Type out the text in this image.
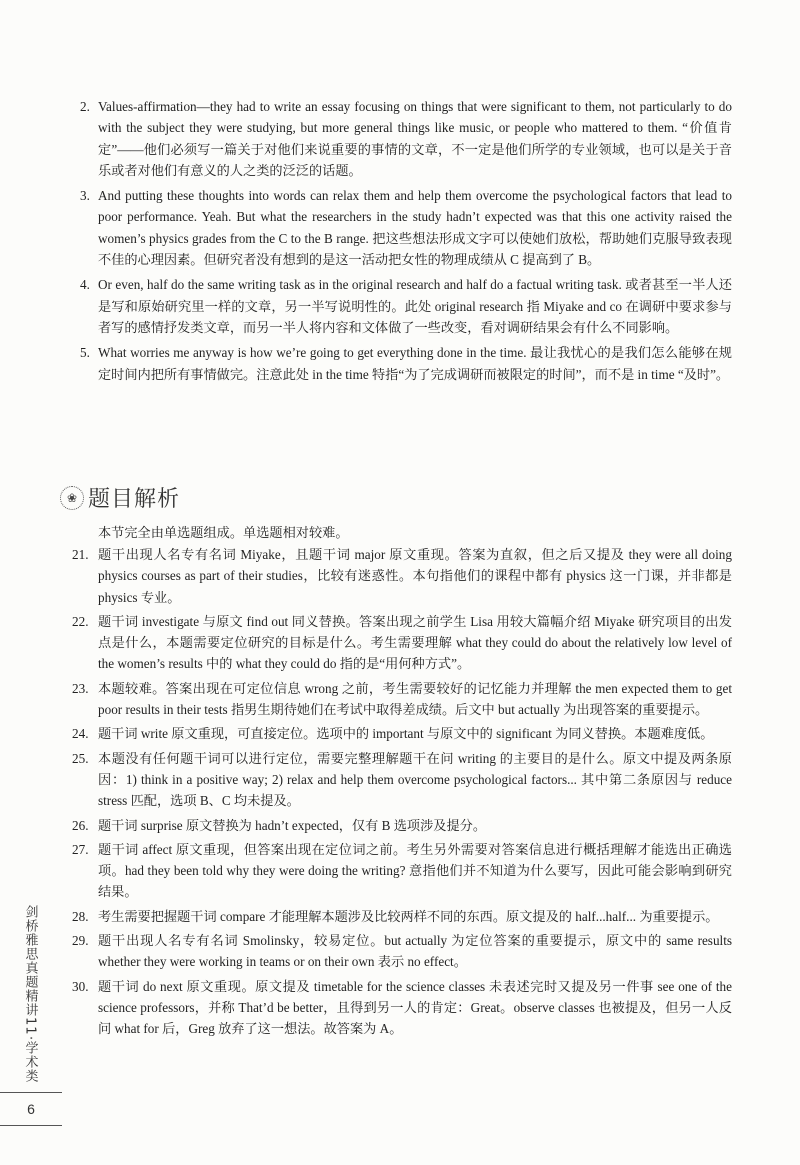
2. Values-affirmation—they had to write an essay focusing on things that were significant to them, not particularly to do with the subject they were studying, but more general things like music, or people who mattered to them. “价值肯定”——他们必须写一篇关于对他们来说重要的事情的文章，不一定是他们所学的专业领域，也可以是关于音乐或者对他们有意义的人之类的泛泛的话题。
3. And putting these thoughts into words can relax them and help them overcome the psychological factors that lead to poor performance. Yeah. But what the researchers in the study hadn’t expected was that this one activity raised the women’s physics grades from the C to the B range. 把这些想法形成文字可以使她们放松，帮助她们克服导致表现不佳的心理因素。但研究者没有想到的是这一活动把女性的物理成绩从 C 提高到了 B。
4. Or even, half do the same writing task as in the original research and half do a factual writing task. 或者甚至一半人还是写和原始研究里一样的文章，另一半写说明性的。此处 original research 指 Miyake and co 在调研中要求参与者写的感情抒发类文章，而另一半人将内容和文体做了一些改变，看对调研结果会有什么不同影响。
5. What worries me anyway is how we’re going to get everything done in the time. 最让我忧心的是我们怎么能够在规定时间内把所有事情做完。注意此处 in the time 特指“为了完成调研而被限定的时间”，而不是 in time “及时”。
❀ 题目解析
本节完全由单选题组成。单选题相对较难。
21. 题干出现人名专有名词 Miyake，且题干词 major 原文重现。答案为直叙，但之后又提及 they were all doing physics courses as part of their studies，比较有迷惑性。本句指他们的课程中都有 physics 这一门课，并非都是 physics 专业。
22. 题干词 investigate 与原文 find out 同义替换。答案出现之前学生 Lisa 用较大篇幅介绍 Miyake 研究项目的出发点是什么，本题需要定位研究的目标是什么。考生需要理解 what they could do about the relatively low level of the women’s results 中的 what they could do 指的是“用何种方式”。
23. 本题较难。答案出现在可定位信息 wrong 之前，考生需要较好的记忆能力并理解 the men expected them to get poor results in their tests 指男生期待她们在考试中取得差成绩。后文中 but actually 为出现答案的重要提示。
24. 题干词 write 原文重现，可直接定位。选项中的 important 与原文中的 significant 为同义替换。本题难度低。
25. 本题没有任何题干词可以进行定位，需要完整理解题干在问 writing 的主要目的是什么。原文中提及两条原因：1) think in a positive way; 2) relax and help them overcome psychological factors... 其中第二条原因与 reduce stress 匹配，选项 B、C 均未提及。
26. 题干词 surprise 原文替换为 hadn’t expected，仅有 B 选项涉及提分。
27. 题干词 affect 原文重现，但答案出现在定位词之前。考生另外需要对答案信息进行概括理解才能选出正确选项。had they been told why they were doing the writing? 意指他们并不知道为什么要写，因此可能会影响到研究结果。
28. 考生需要把握题干词 compare 才能理解本题涉及比较两样不同的东西。原文提及的 half...half... 为重要提示。
29. 题干出现人名专有名词 Smolinsky，较易定位。but actually 为定位答案的重要提示，原文中的 same results whether they were working in teams or on their own 表示 no effect。
30. 题干词 do next 原文重现。原文提及 timetable for the science classes 未表述完时又提及另一件事 see one of the science professors，并称 That’d be better，且得到另一人的肯定：Great。observe classes 也被提及，但另一人反问 what for 后，Greg 放弃了这一想法。故答案为 A。
剑桥雅思真题精讲11
·
学术类
6
